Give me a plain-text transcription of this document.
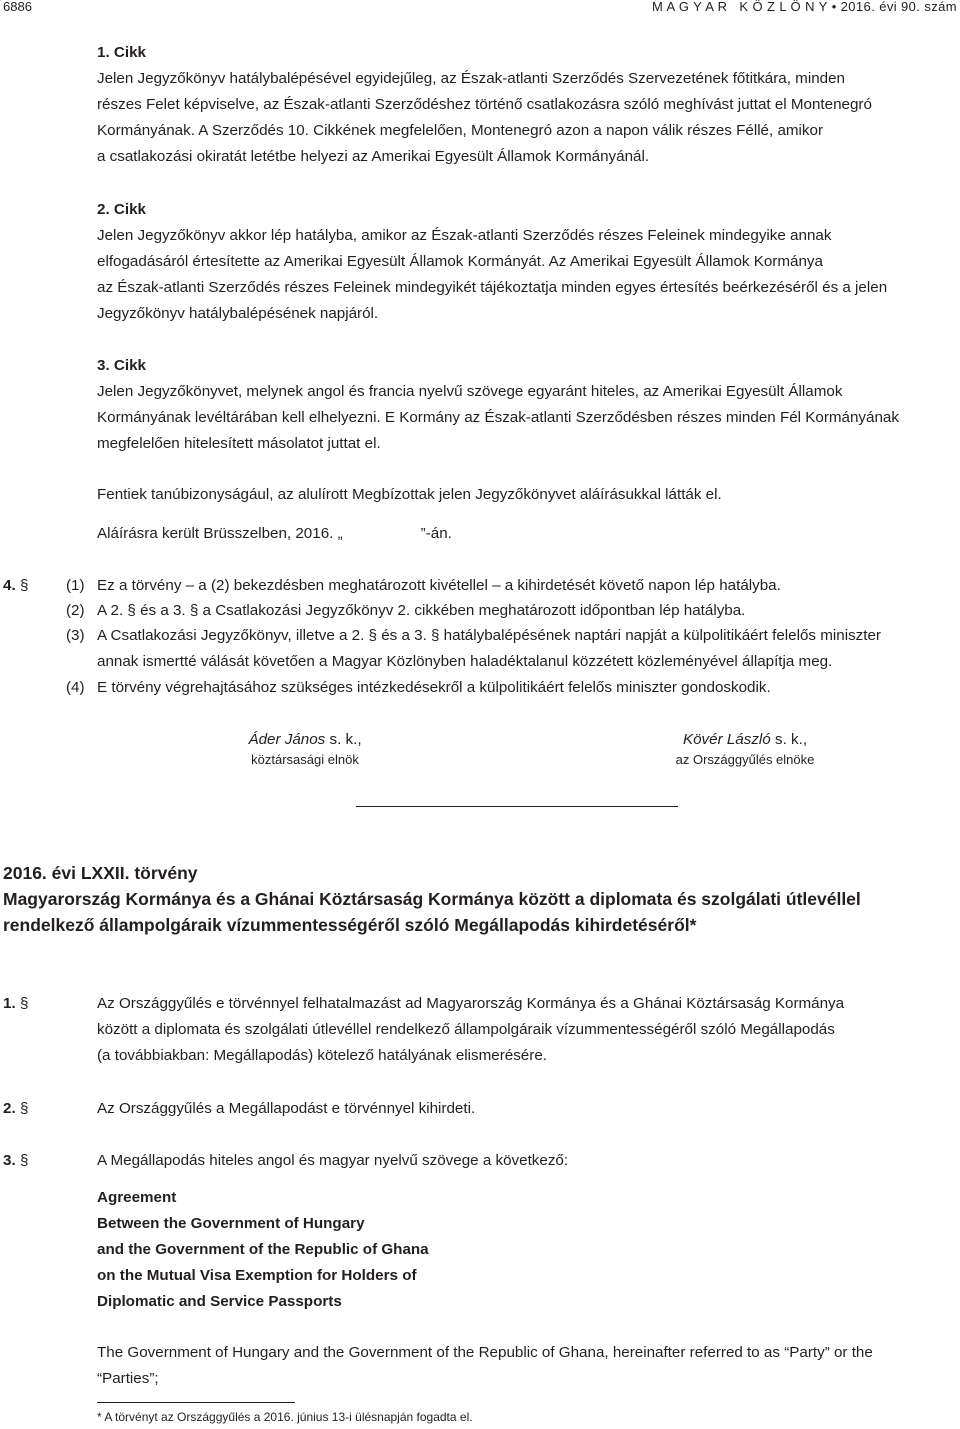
6886	M A G Y A R   K Ö Z L Ö N Y • 2016. évi 90. szám
1. Cikk
Jelen Jegyzőkönyv hatálybalépésével egyidejűleg, az Észak-atlanti Szerződés Szervezetének főtitkára, minden
részes Felet képviselve, az Észak-atlanti Szerződéshez történő csatlakozásra szóló meghívást juttat el Montenegró
Kormányának. A Szerződés 10. Cikkének megfelelően, Montenegró azon a napon válik részes Féllé, amikor
a csatlakozási okiratát letétbe helyezi az Amerikai Egyesült Államok Kormányánál.
2. Cikk
Jelen Jegyzőkönyv akkor lép hatályba, amikor az Észak-atlanti Szerződés részes Feleinek mindegyike annak
elfogadásáról értesítette az Amerikai Egyesült Államok Kormányát. Az Amerikai Egyesült Államok Kormánya
az Észak-atlanti Szerződés részes Feleinek mindegyikét tájékoztatja minden egyes értesítés beérkezéséről és a jelen
Jegyzőkönyv hatálybalépésének napjáról.
3. Cikk
Jelen Jegyzőkönyvet, melynek angol és francia nyelvű szövege egyaránt hiteles, az Amerikai Egyesült Államok
Kormányának levéltárában kell elhelyezni. E Kormány az Észak-atlanti Szerződésben részes minden Fél Kormányának
megfelelően hitelesített másolatot juttat el.
Fentiek tanúbizonyságául, az alulírott Megbízottak jelen Jegyzőkönyvet aláírásukkal látták el.
Aláírásra került Brüsszelben, 2016. „	”-án.
4. § (1) Ez a törvény – a (2) bekezdésben meghatározott kivétellel – a kihirdetését követő napon lép hatályba.
(2) A 2. § és a 3. § a Csatlakozási Jegyzőkönyv 2. cikkében meghatározott időpontban lép hatályba.
(3) A Csatlakozási Jegyzőkönyv, illetve a 2. § és a 3. § hatálybalépésének naptári napját a külpolitikáért felelős miniszter
annak ismertté válását követően a Magyar Közlönyben haladéktalanul közzétett közleményével állapítja meg.
(4) E törvény végrehajtásához szükséges intézkedésekről a külpolitikáért felelős miniszter gondoskodik.
Áder János s. k.,
köztársasági elnök
Kövér László s. k.,
az Országgyűlés elnöke
2016. évi LXXII. törvény
Magyarország Kormánya és a Ghánai Köztársaság Kormánya között a diplomata és szolgálati útlevéllel
rendelkező állampolgáraik vízummentességéről szóló Megállapodás kihirdetéséről*
1. §	Az Országgyűlés e törvénnyel felhatalmazást ad Magyarország Kormánya és a Ghánai Köztársaság Kormánya
között a diplomata és szolgálati útlevéllel rendelkező állampolgáraik vízummentességéről szóló Megállapodás
(a továbbiakban: Megállapodás) kötelező hatályának elismerésére.
2. §	Az Országgyűlés a Megállapodást e törvénnyel kihirdeti.
3. §	A Megállapodás hiteles angol és magyar nyelvű szövege a következő:
Agreement
Between the Government of Hungary
and the Government of the Republic of Ghana
on the Mutual Visa Exemption for Holders of
Diplomatic and Service Passports
The Government of Hungary and the Government of the Republic of Ghana, hereinafter referred to as “Party” or the
“Parties”;
* A törvényt az Országgyűlés a 2016. június 13-i ülésnapján fogadta el.
